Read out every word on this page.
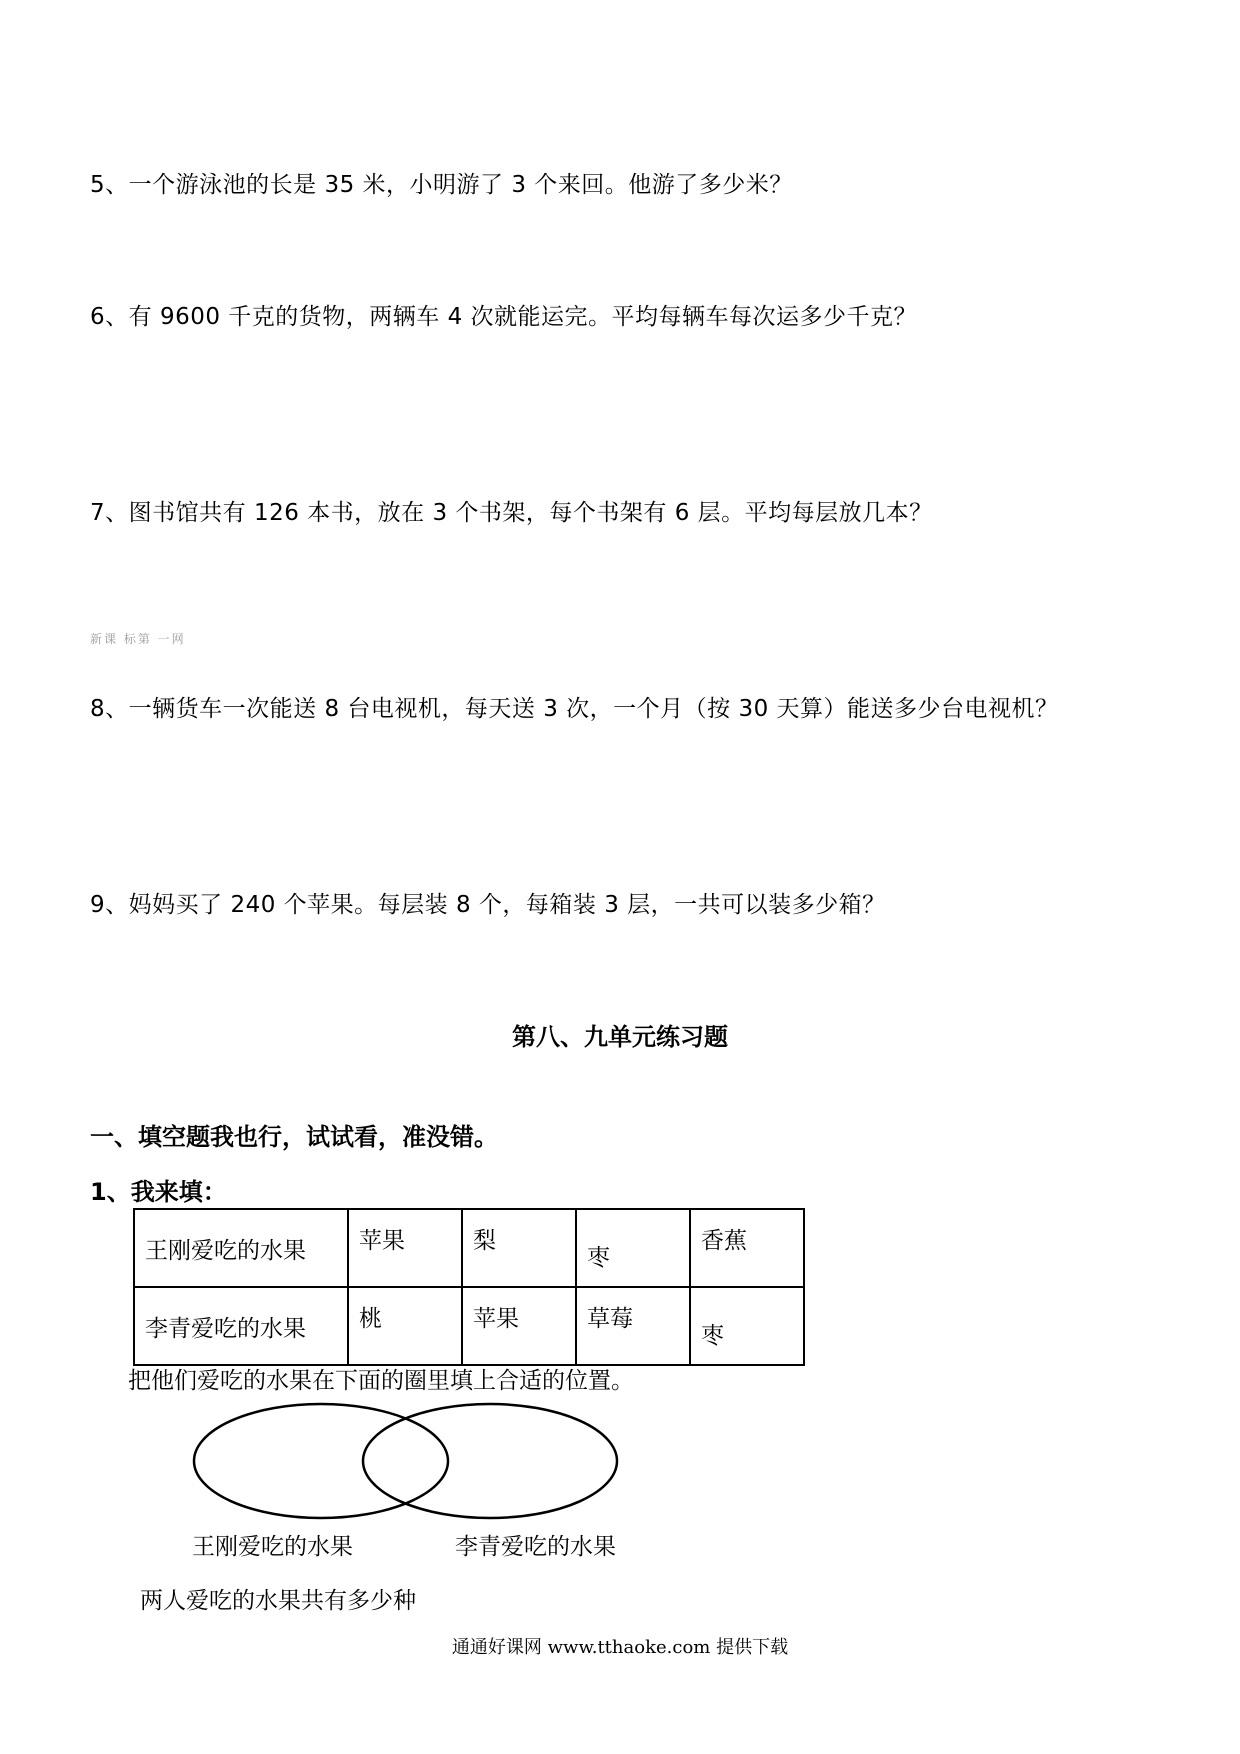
5、一个游泳池的长是 35 米，小明游了 3 个来回。他游了多少米？
6、有 9600 千克的货物，两辆车 4 次就能运完。平均每辆车每次运多少千克？
7、图书馆共有 126 本书，放在 3 个书架，每个书架有 6 层。平均每层放几本？
新课 标第 一网
8、一辆货车一次能送 8 台电视机，每天送 3 次，一个月（按 30 天算）能送多少台电视机？
9、妈妈买了 240 个苹果。每层装 8 个，每箱装 3 层，一共可以装多少箱？
第八、九单元练习题
一、填空题我也行，试试看，准没错。
1、我来填：
王刚爱吃的水果	苹果	梨	枣	香蕉
李青爱吃的水果	桃	苹果	草莓	枣
把他们爱吃的水果在下面的圈里填上合适的位置。
王刚爱吃的水果	李青爱吃的水果
两人爱吃的水果共有多少种
通通好课网 www.tthaoke.com 提供下载
